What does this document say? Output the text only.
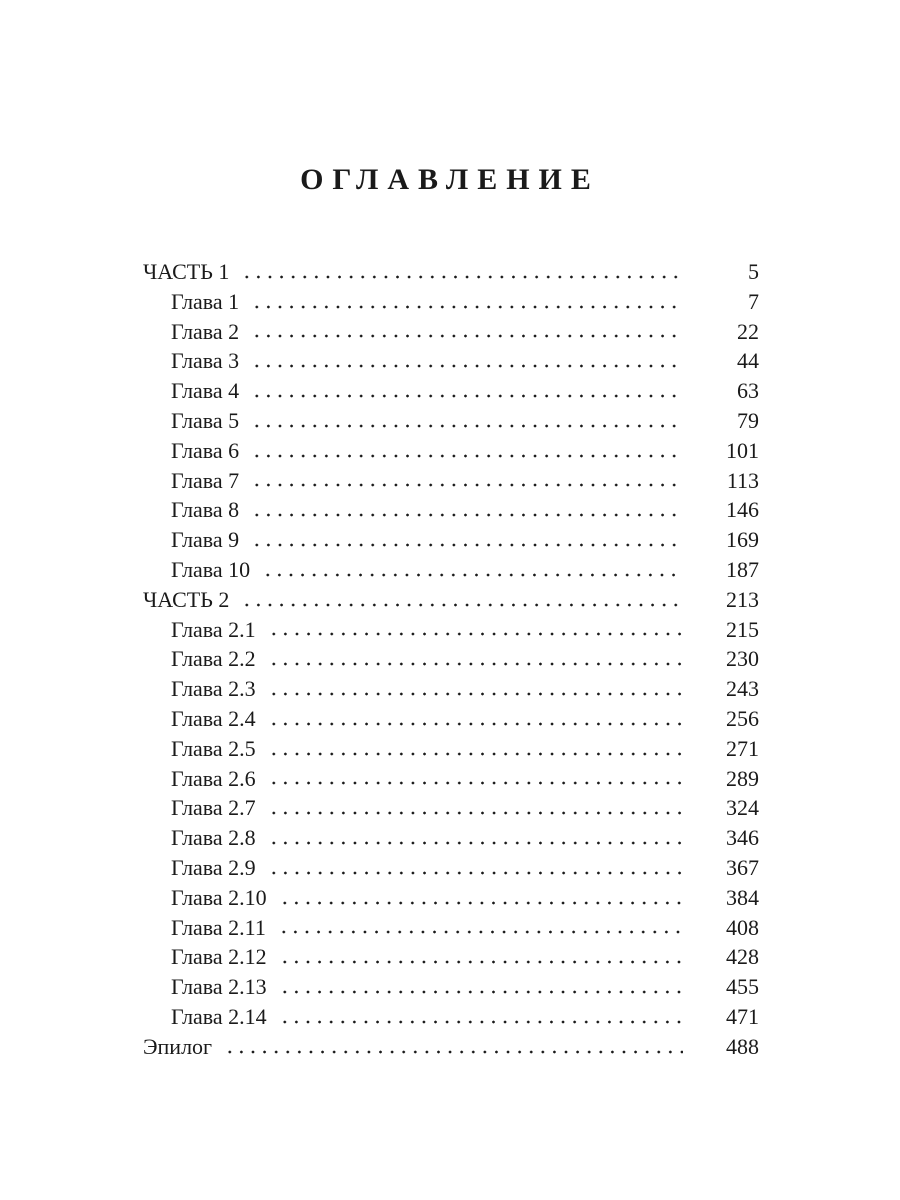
ОГЛАВЛЕНИЕ
ЧАСТЬ 1	5
Глава 1	7
Глава 2	22
Глава 3	44
Глава 4	63
Глава 5	79
Глава 6	101
Глава 7	113
Глава 8	146
Глава 9	169
Глава 10	187
ЧАСТЬ 2	213
Глава 2.1	215
Глава 2.2	230
Глава 2.3	243
Глава 2.4	256
Глава 2.5	271
Глава 2.6	289
Глава 2.7	324
Глава 2.8	346
Глава 2.9	367
Глава 2.10	384
Глава 2.11	408
Глава 2.12	428
Глава 2.13	455
Глава 2.14	471
Эпилог	488
